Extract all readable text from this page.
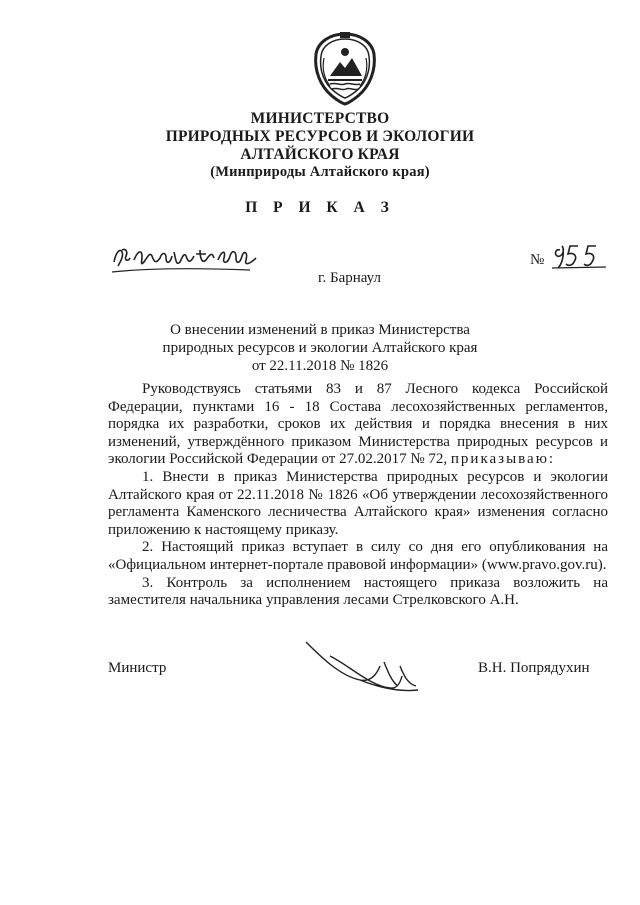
МИНИСТЕРСТВО
ПРИРОДНЫХ РЕСУРСОВ И ЭКОЛОГИИ
АЛТАЙСКОГО КРАЯ
(Минприроды Алтайского края)
П Р И К А З
№
г. Барнаул
О внесении изменений в приказ Министерства
природных ресурсов и экологии Алтайского края
от 22.11.2018 № 1826

Руководствуясь статьями 83 и 87 Лесного кодекса Российской Федерации, пунктами 16 - 18 Состава лесохозяйственных регламентов, порядка их разработки, сроков их действия и порядка внесения в них изменений, утверждённого приказом Министерства природных ресурсов и экологии Российской Федерации от 27.02.2017 № 72, приказываю:

1. Внести в приказ Министерства природных ресурсов и экологии Алтайского края от 22.11.2018 № 1826 «Об утверждении лесохозяйственного регламента Каменского лесничества Алтайского края» изменения согласно приложению к настоящему приказу.

2. Настоящий приказ вступает в силу со дня его опубликования на «Официальном интернет-портале правовой информации» (www.pravo.gov.ru).

3. Контроль за исполнением настоящего приказа возложить на заместителя начальника управления лесами Стрелковского А.Н.

Министр	В.Н. Попрядухин
